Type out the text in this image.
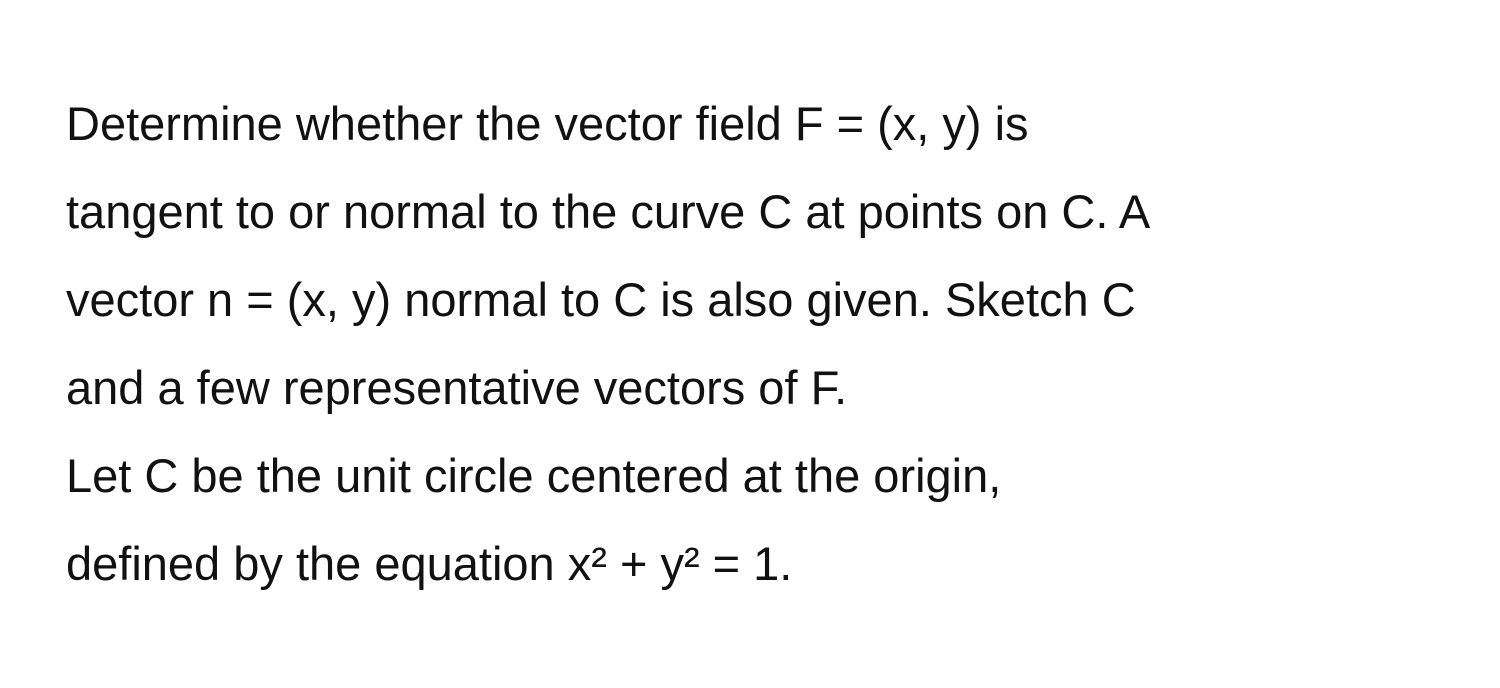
Determine whether the vector field F = (x, y) is
tangent to or normal to the curve C at points on C. A
vector n = (x, y) normal to C is also given. Sketch C
and a few representative vectors of F.
Let C be the unit circle centered at the origin,
defined by the equation x² + y² = 1.
